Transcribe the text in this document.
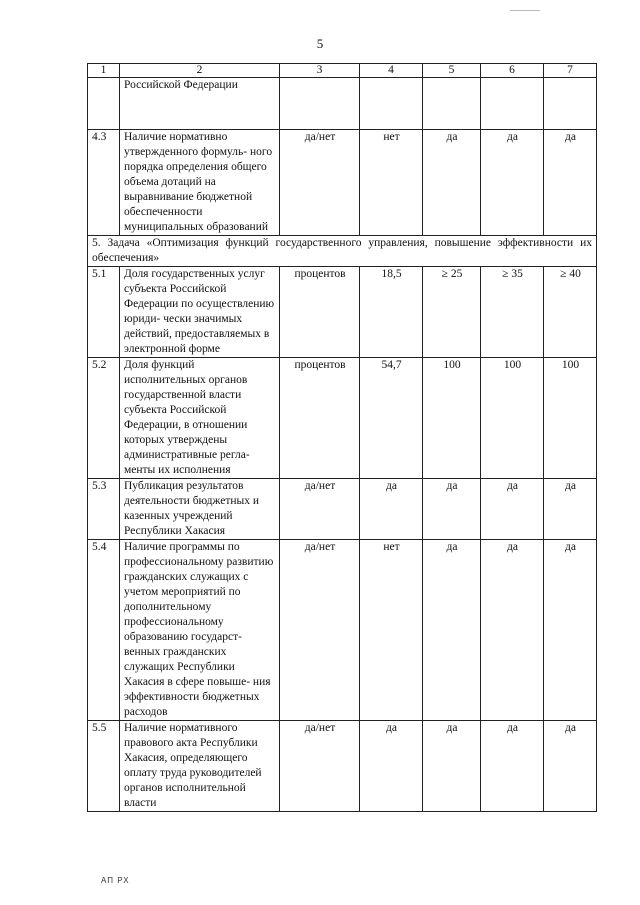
5
1	2	3	4	5	6	7
	Российской Федерации					
4.3	Наличие нормативно утвержденного формуль- ного порядка определения общего объема дотаций на выравнивание бюджетной обеспеченности муниципальных образований	да/нет	нет	да	да	да

5. Задача «Оптимизация функций государственного управления, повышение эффективности их обеспечения»						

5.1	Доля государственных услуг субъекта Российской Федерации по осуществлению юриди- чески значимых действий, предоставляемых в электронной форме	процентов	18,5	≥ 25	≥ 35	≥ 40
5.2	Доля функций исполнительных органов государственной власти субъекта Российской Федерации, в отношении которых утверждены административные регла- менты их исполнения	процентов	54,7	100	100	100
5.3	Публикация результатов деятельности бюджетных и казенных учреждений Республики Хакасия	да/нет	да	да	да	да
5.4	Наличие программы по профессиональному развитию гражданских служащих с учетом мероприятий по дополнительному профессиональному образованию государст- венных гражданских служащих Республики Хакасия в сфере повыше- ния эффективности бюджетных расходов	да/нет	нет	да	да	да
5.5	Наличие нормативного правового акта Республики Хакасия, определяющего оплату труда руководителей органов исполнительной власти	да/нет	да	да	да	да
АП РХ
